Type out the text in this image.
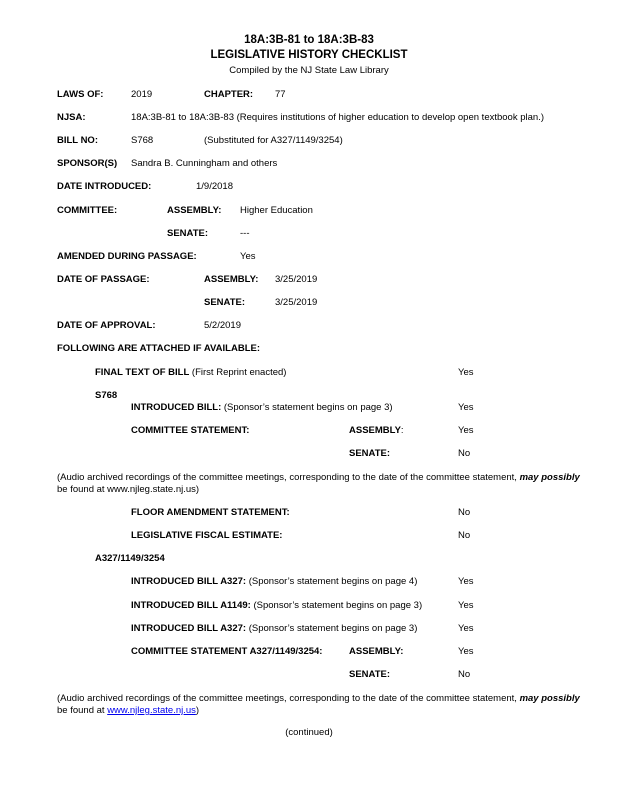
18A:3B-81 to 18A:3B-83
LEGISLATIVE HISTORY CHECKLIST
Compiled by the NJ State Law Library
LAWS OF:	2019	CHAPTER: 77
NJSA:	18A:3B-81 to 18A:3B-83 (Requires institutions of higher education to develop open textbook plan.)
BILL NO:	S768	(Substituted for A327/1149/3254)
SPONSOR(S) Sandra B. Cunningham and others
DATE INTRODUCED:	1/9/2018
COMMITTEE:	ASSEMBLY: Higher Education
SENATE:	---
AMENDED DURING PASSAGE:	Yes
DATE OF PASSAGE:	ASSEMBLY: 3/25/2019
SENATE:	3/25/2019
DATE OF APPROVAL:	5/2/2019
FOLLOWING ARE ATTACHED IF AVAILABLE:
FINAL TEXT OF BILL (First Reprint enacted)	Yes
S768
INTRODUCED BILL: (Sponsor’s statement begins on page 3)	Yes
COMMITTEE STATEMENT:	ASSEMBLY:	Yes
SENATE:	No
(Audio archived recordings of the committee meetings, corresponding to the date of the committee statement, may possibly
be found at www.njleg.state.nj.us)
FLOOR AMENDMENT STATEMENT:	No
LEGISLATIVE FISCAL ESTIMATE:	No
A327/1149/3254
INTRODUCED BILL A327: (Sponsor’s statement begins on page 4)	Yes
INTRODUCED BILL A1149: (Sponsor’s statement begins on page 3)	Yes
INTRODUCED BILL A327: (Sponsor’s statement begins on page 3)	Yes
COMMITTEE STATEMENT A327/1149/3254:	ASSEMBLY:	Yes
SENATE:	No
(Audio archived recordings of the committee meetings, corresponding to the date of the committee statement, may possibly
be found at www.njleg.state.nj.us)
(continued)
